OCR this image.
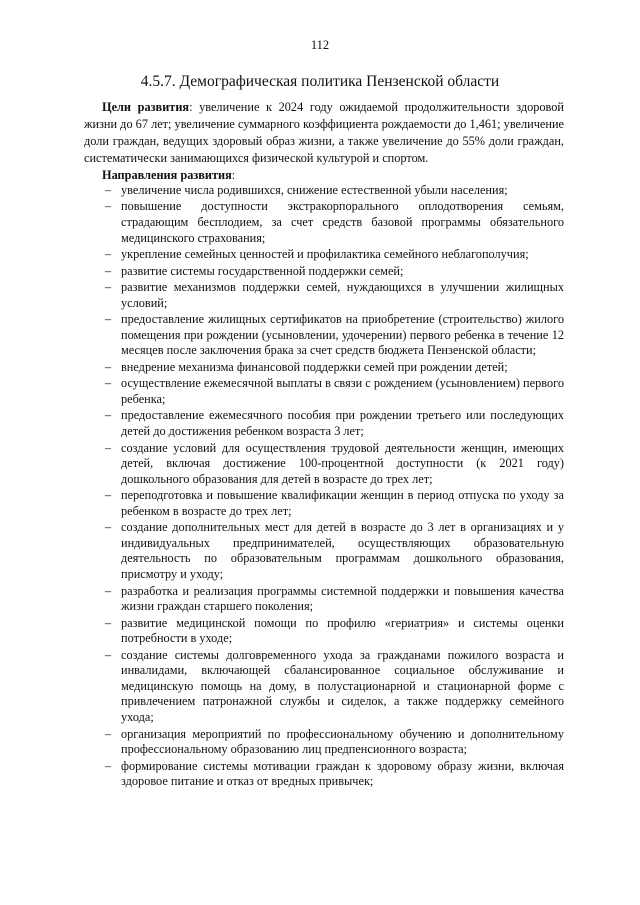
112
4.5.7. Демографическая политика Пензенской области
Цели развития: увеличение к 2024 году ожидаемой продолжительности здоровой жизни до 67 лет; увеличение суммарного коэффициента рождаемости до 1,461; увеличение доли граждан, ведущих здоровый образ жизни, а также увеличение до 55% доли граждан, систематически занимающихся физической культурой и спортом.
Направления развития:
– увеличение числа родившихся, снижение естественной убыли населения;
– повышение доступности экстракорпорального оплодотворения семьям, страдающим бесплодием, за счет средств базовой программы обязательного медицинского страхования;
– укрепление семейных ценностей и профилактика семейного неблагополучия;
– развитие системы государственной поддержки семей;
– развитие механизмов поддержки семей, нуждающихся в улучшении жилищных условий;
– предоставление жилищных сертификатов на приобретение (строительство) жилого помещения при рождении (усыновлении, удочерении) первого ребенка в течение 12 месяцев после заключения брака за счет средств бюджета Пензенской области;
– внедрение механизма финансовой поддержки семей при рождении детей;
– осуществление ежемесячной выплаты в связи с рождением (усыновлением) первого ребенка;
– предоставление ежемесячного пособия при рождении третьего или последующих детей до достижения ребенком возраста 3 лет;
– создание условий для осуществления трудовой деятельности женщин, имеющих детей, включая достижение 100-процентной доступности (к 2021 году) дошкольного образования для детей в возрасте до трех лет;
– переподготовка и повышение квалификации женщин в период отпуска по уходу за ребенком в возрасте до трех лет;
– создание дополнительных мест для детей в возрасте до 3 лет в организациях и у индивидуальных предпринимателей, осуществляющих образовательную деятельность по образовательным программам дошкольного образования, присмотру и уходу;
– разработка и реализация программы системной поддержки и повышения качества жизни граждан старшего поколения;
– развитие медицинской помощи по профилю «гериатрия» и системы оценки потребности в уходе;
– создание системы долговременного ухода за гражданами пожилого возраста и инвалидами, включающей сбалансированное социальное обслуживание и медицинскую помощь на дому, в полустационарной и стационарной форме с привлечением патронажной службы и сиделок, а также поддержку семейного ухода;
– организация мероприятий по профессиональному обучению и дополнительному профессиональному образованию лиц предпенсионного возраста;
– формирование системы мотивации граждан к здоровому образу жизни, включая здоровое питание и отказ от вредных привычек;
